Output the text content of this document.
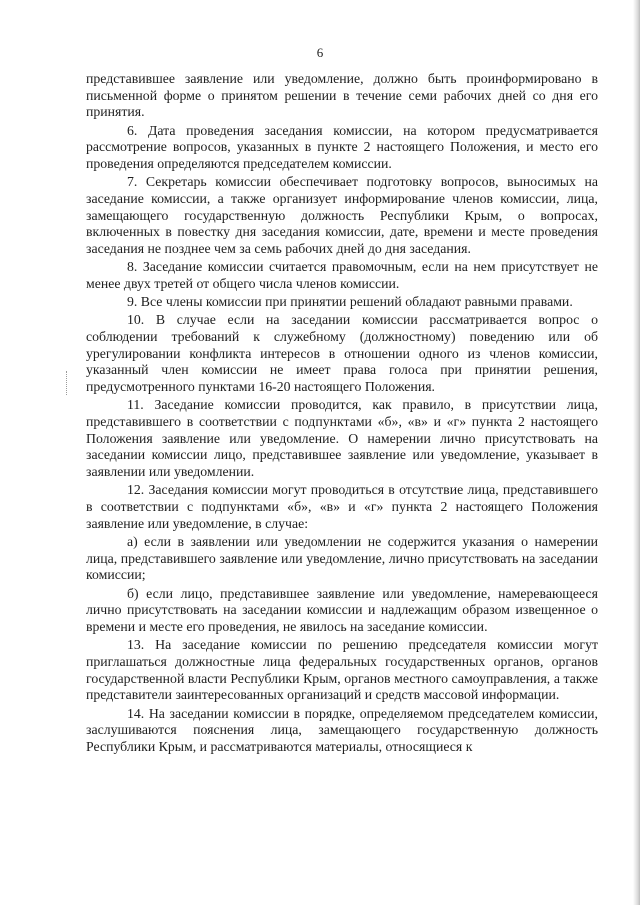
6

представившее заявление или уведомление, должно быть проинформировано в письменной форме о принятом решении в течение семи рабочих дней со дня его принятия.

6. Дата проведения заседания комиссии, на котором предусматривается рассмотрение вопросов, указанных в пункте 2 настоящего Положения, и место его проведения определяются председателем комиссии.

7. Секретарь комиссии обеспечивает подготовку вопросов, выносимых на заседание комиссии, а также организует информирование членов комиссии, лица, замещающего государственную должность Республики Крым, о вопросах, включенных в повестку дня заседания комиссии, дате, времени и месте проведения заседания не позднее чем за семь рабочих дней до дня заседания.

8. Заседание комиссии считается правомочным, если на нем присутствует не менее двух третей от общего числа членов комиссии.

9. Все члены комиссии при принятии решений обладают равными правами.

10. В случае если на заседании комиссии рассматривается вопрос о соблюдении требований к служебному (должностному) поведению или об урегулировании конфликта интересов в отношении одного из членов комиссии, указанный член комиссии не имеет права голоса при принятии решения, предусмотренного пунктами 16-20 настоящего Положения.

11. Заседание комиссии проводится, как правило, в присутствии лица, представившего в соответствии с подпунктами «б», «в» и «г» пункта 2 настоящего Положения заявление или уведомление. О намерении лично присутствовать на заседании комиссии лицо, представившее заявление или уведомление, указывает в заявлении или уведомлении.

12. Заседания комиссии могут проводиться в отсутствие лица, представившего в соответствии с подпунктами «б», «в» и «г» пункта 2 настоящего Положения заявление или уведомление, в случае:

а) если в заявлении или уведомлении не содержится указания о намерении лица, представившего заявление или уведомление, лично присутствовать на заседании комиссии;

б) если лицо, представившее заявление или уведомление, намеревающееся лично присутствовать на заседании комиссии и надлежащим образом извещенное о времени и месте его проведения, не явилось на заседание комиссии.

13. На заседание комиссии по решению председателя комиссии могут приглашаться должностные лица федеральных государственных органов, органов государственной власти Республики Крым, органов местного самоуправления, а также представители заинтересованных организаций и средств массовой информации.

14. На заседании комиссии в порядке, определяемом председателем комиссии, заслушиваются пояснения лица, замещающего государственную должность Республики Крым, и рассматриваются материалы, относящиеся к
